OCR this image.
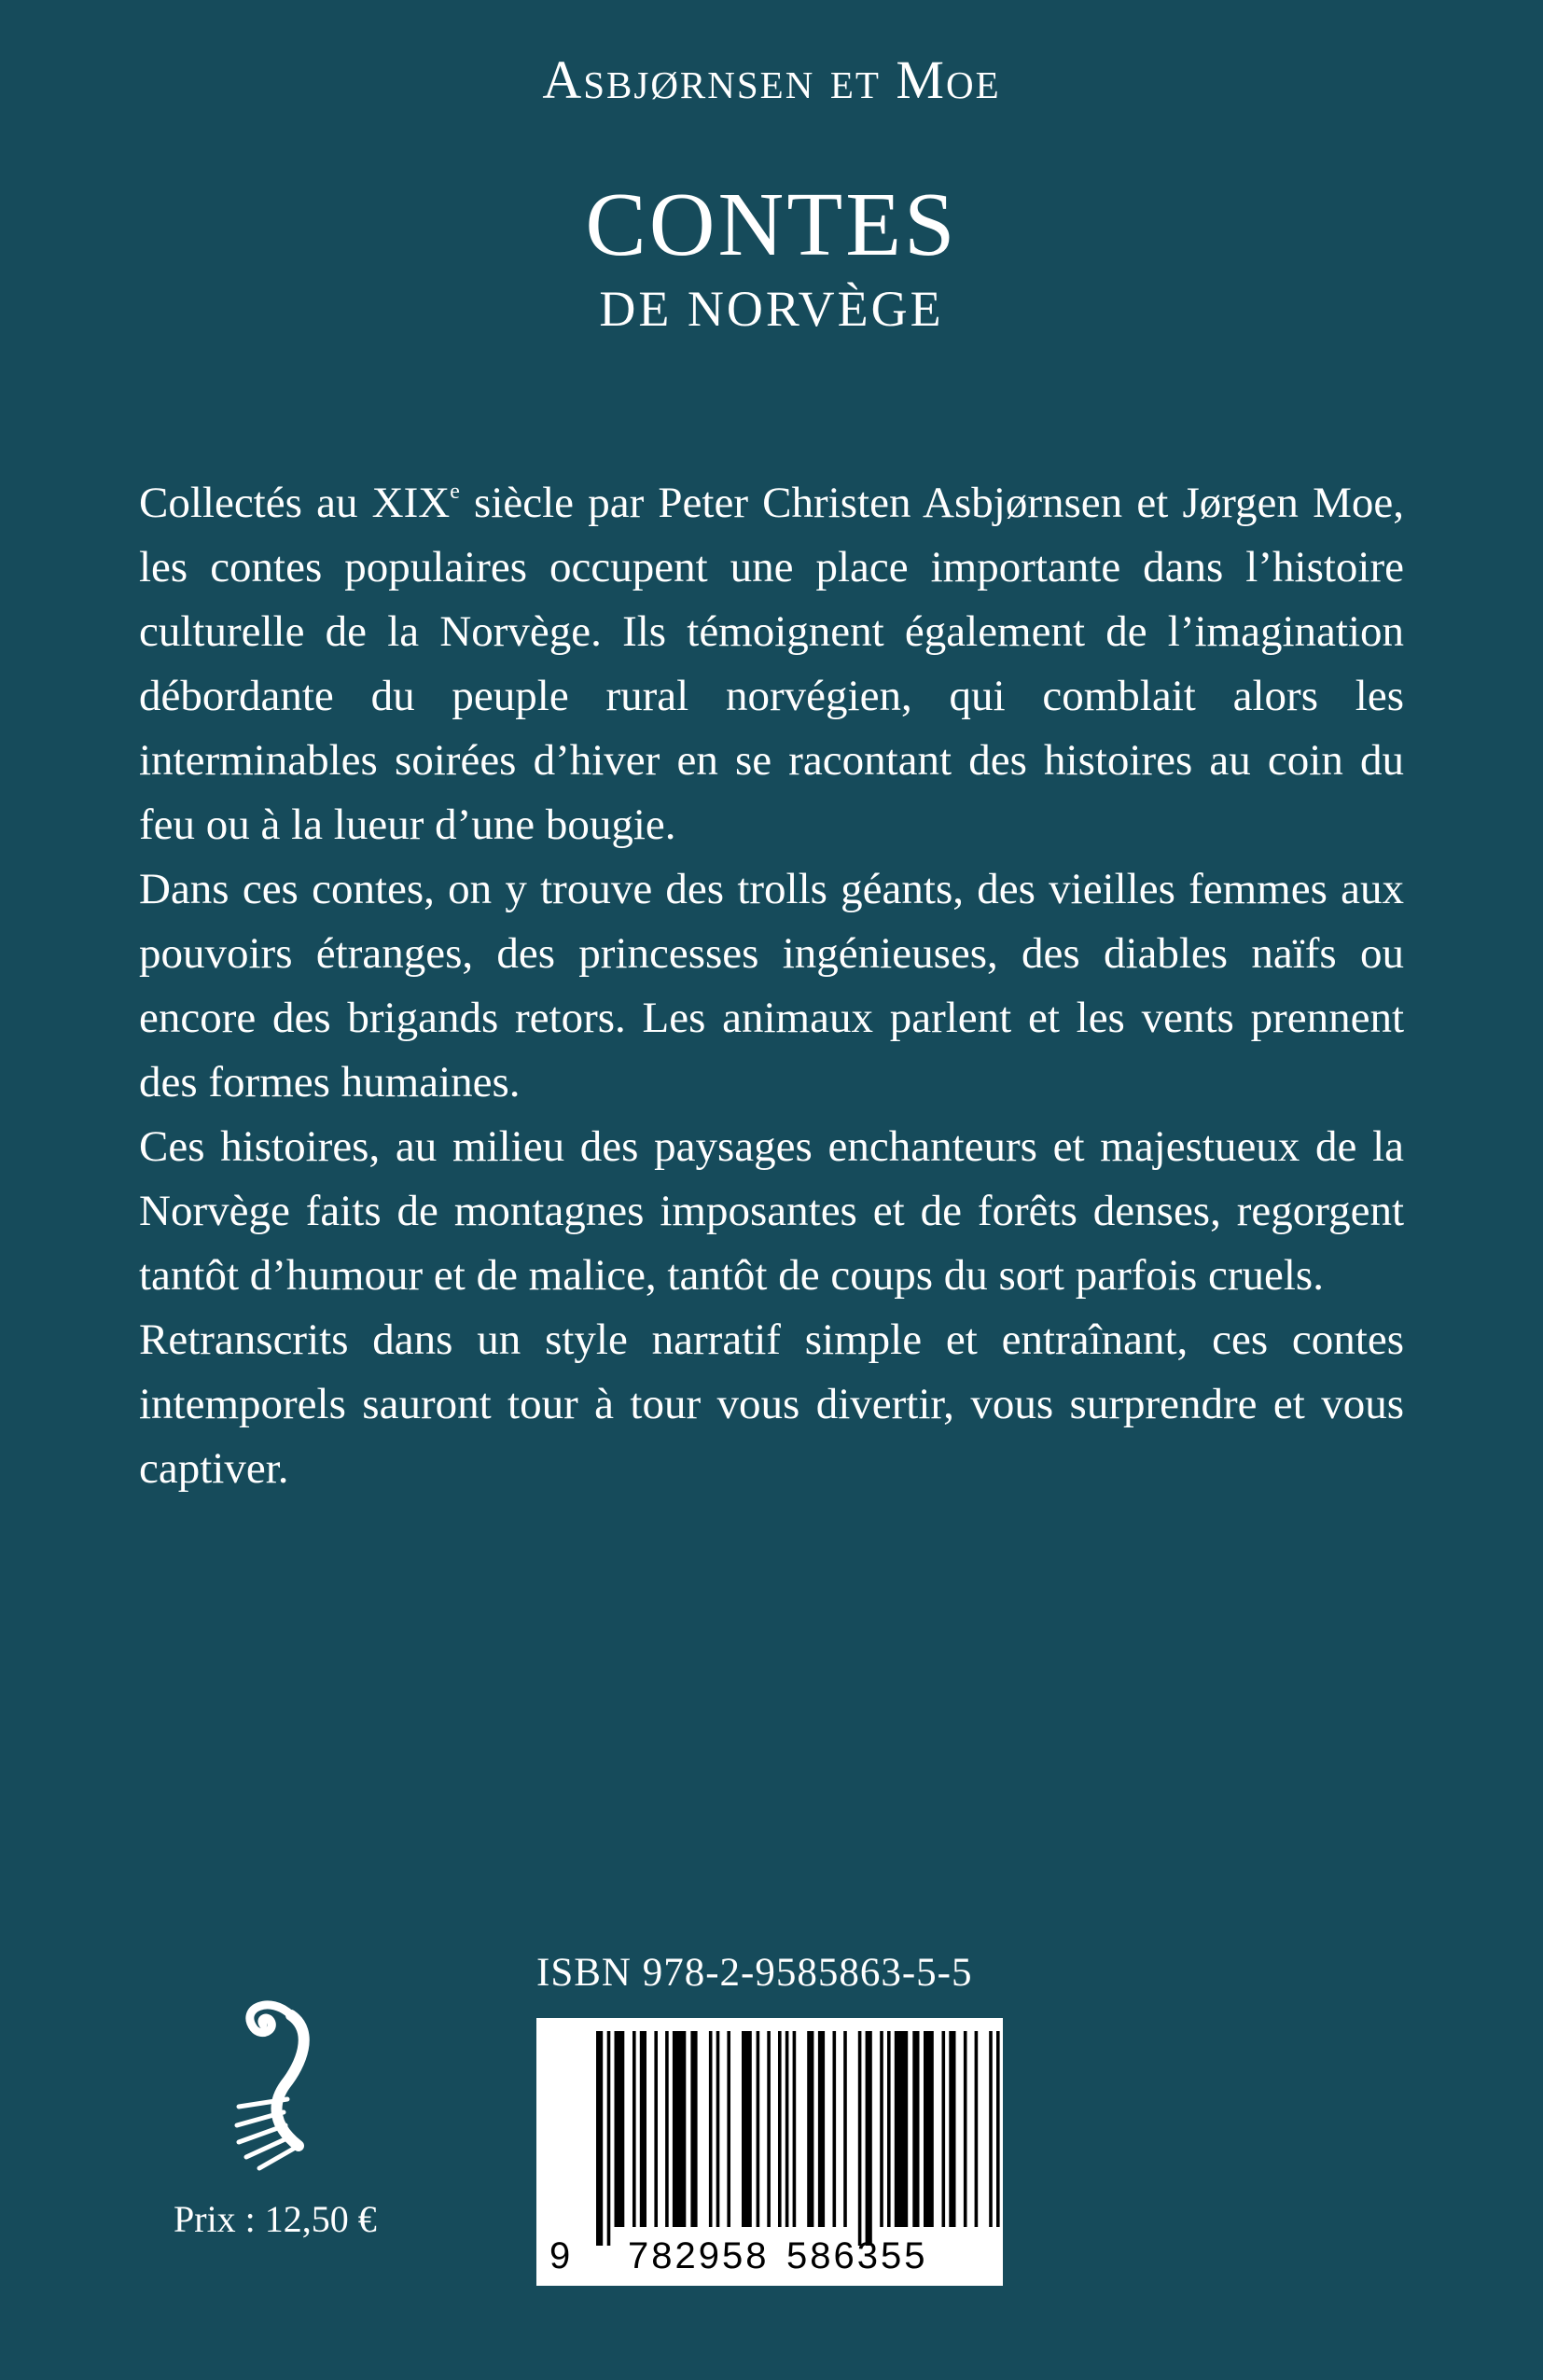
Asbjørnsen et Moe
CONTES
DE NORVÈGE

Collectés au XIXe siècle par Peter Christen Asbjørnsen et Jørgen Moe, les contes populaires occupent une place importante dans l’histoire culturelle de la Norvège. Ils témoignent également de l’imagination débordante du peuple rural norvégien, qui comblait alors les interminables soirées d’hiver en se racontant des histoires au coin du feu ou à la lueur d’une bougie.

Dans ces contes, on y trouve des trolls géants, des vieilles femmes aux pouvoirs étranges, des princesses ingénieuses, des diables naïfs ou encore des brigands retors. Les animaux parlent et les vents prennent des formes humaines.

Ces histoires, au milieu des paysages enchanteurs et majestueux de la Norvège faits de montagnes imposantes et de forêts denses, regorgent tantôt d’humour et de malice, tantôt de coups du sort parfois cruels.

Retranscrits dans un style narratif simple et entraînant, ces contes intemporels sauront tour à tour vous divertir, vous surprendre et vous captiver.

ISBN 978-2-9585863-5-5
9 782958 586355
Prix : 12,50 €
